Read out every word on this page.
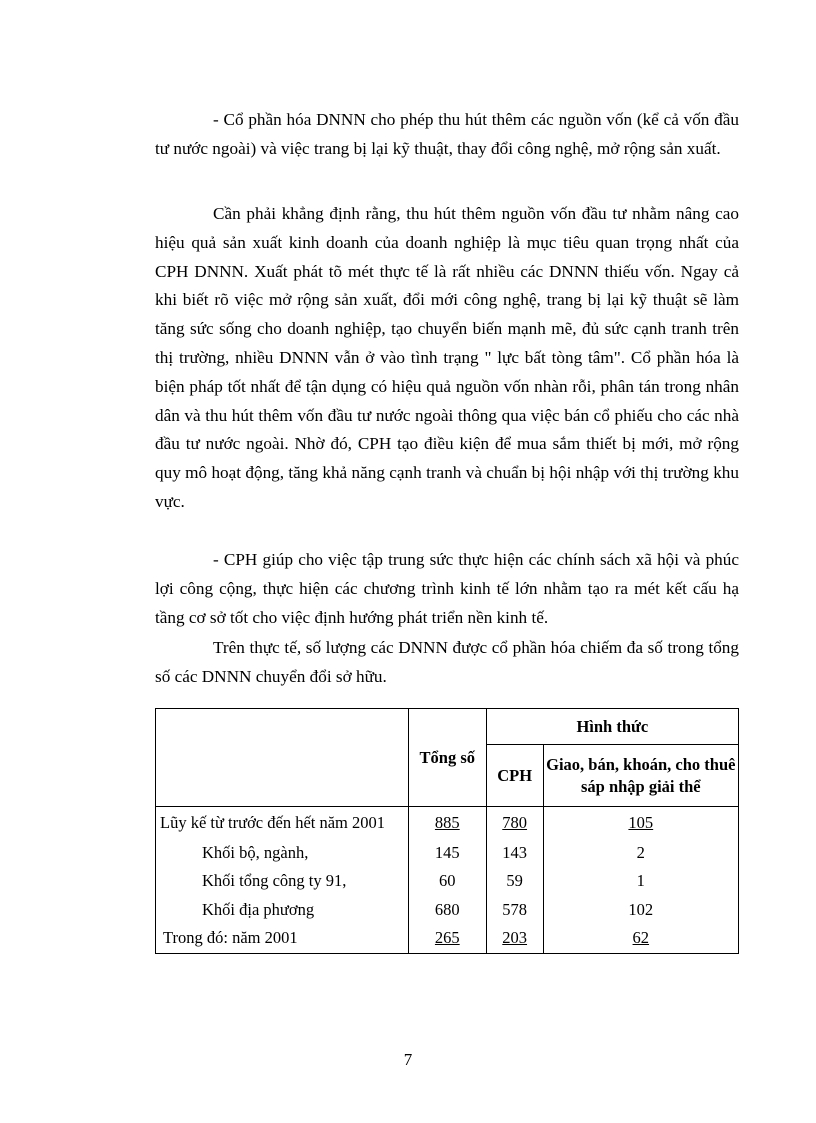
- Cổ phần hóa DNNN cho phép thu hút thêm các nguồn vốn (kể cả vốn đầu tư nước ngoài) và việc trang bị lại kỹ thuật, thay đổi công nghệ, mở rộng sản xuất.

Cần phải khẳng định rằng, thu hút thêm nguồn vốn đầu tư nhằm nâng cao hiệu quả sản xuất kinh doanh của doanh nghiệp là mục tiêu quan trọng nhất của CPH DNNN. Xuất phát tõ mét thực tế là rất nhiều các DNNN thiếu vốn. Ngay cả khi biết rõ việc mở rộng sản xuất, đổi mới công nghệ, trang bị lại kỹ thuật sẽ làm tăng sức sống cho doanh nghiệp, tạo chuyển biến mạnh mẽ, đủ sức cạnh tranh trên thị trường, nhiều DNNN vẫn ở vào tình trạng " lực bất tòng tâm". Cổ phần hóa là biện pháp tốt nhất để tận dụng có hiệu quả nguồn vốn nhàn rỗi, phân tán trong nhân dân và thu hút thêm vốn đầu tư nước ngoài thông qua việc bán cổ phiếu cho các nhà đầu tư nước ngoài. Nhờ đó, CPH tạo điều kiện để mua sắm thiết bị mới, mở rộng quy mô hoạt động, tăng khả năng cạnh tranh và chuẩn bị hội nhập với thị trường khu vực.

- CPH giúp cho việc tập trung sức thực hiện các chính sách xã hội và phúc lợi công cộng, thực hiện các chương trình kinh tế lớn nhằm tạo ra mét kết cấu hạ tầng cơ sở tốt cho việc định hướng phát triển nền kinh tế.

Trên thực tế, số lượng các DNNN được cổ phần hóa chiếm đa số trong tổng số các DNNN chuyển đổi sở hữu.

	Tổng số	Hình thức	
		CPH	Giao, bán, khoán, cho thuê sáp nhập giải thể
Lũy kế từ trước đến hết năm 2001	885	780	105
Khối bộ, ngành,	145	143	2
Khối tổng công ty 91,	60	59	1
Khối địa phương	680	578	102
Trong đó: năm 2001	265	203	62
7
